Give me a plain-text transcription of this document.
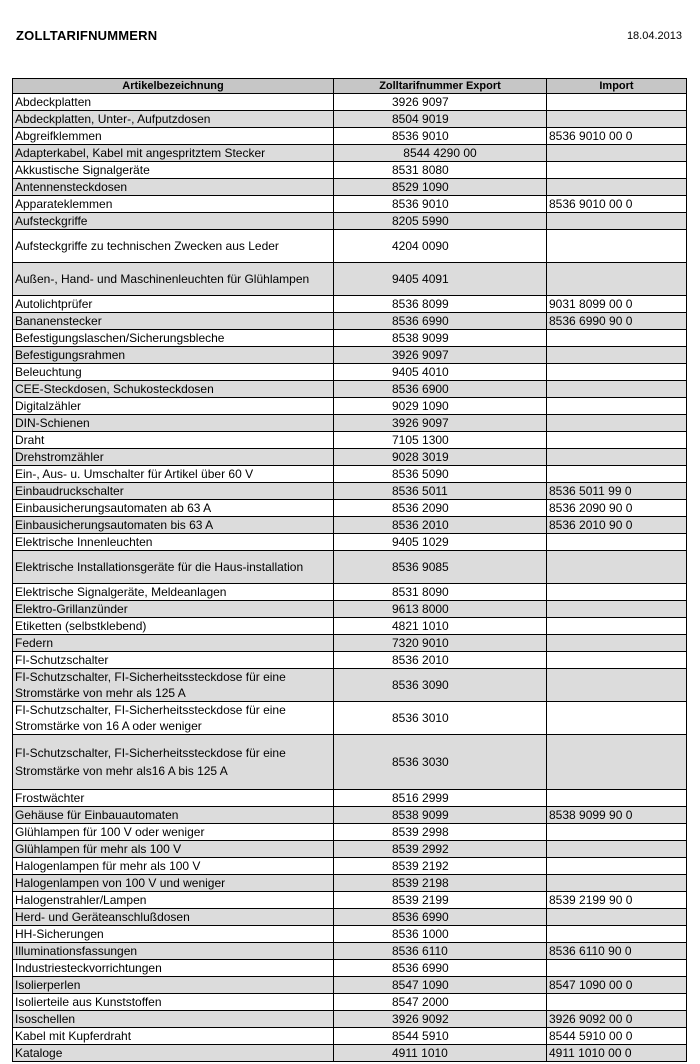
ZOLLTARIFNUMMERN	18.04.2013
Artikelbezeichnung	Zolltarifnummer Export	Import
Abdeckplatten	3926 9097	
Abdeckplatten, Unter-, Aufputzdosen	8504 9019	
Abgreifklemmen	8536 9010	8536 9010 00 0
Adapterkabel, Kabel mit angespritztem Stecker	8544 4290 00	
Akkustische Signalgeräte	8531 8080	
Antennensteckdosen	8529 1090	
Apparateklemmen	8536 9010	8536 9010 00 0
Aufsteckgriffe	8205 5990	
Aufsteckgriffe zu technischen Zwecken aus Leder	4204 0090	
Außen-, Hand- und Maschinenleuchten für Glühlampen	9405 4091	
Autolichtprüfer	8536 8099	9031 8099 00 0
Bananenstecker	8536 6990	8536 6990 90 0
Befestigungslaschen/Sicherungsbleche	8538 9099	
Befestigungsrahmen	3926 9097	
Beleuchtung	9405 4010	
CEE-Steckdosen, Schukosteckdosen	8536 6900	
Digitalzähler	9029 1090	
DIN-Schienen	3926 9097	
Draht	7105 1300	
Drehstromzähler	9028 3019	
Ein-, Aus- u. Umschalter für Artikel über 60 V	8536 5090	
Einbaudruckschalter	8536 5011	8536 5011 99 0
Einbausicherungsautomaten ab 63 A	8536 2090	8536 2090 90 0
Einbausicherungsautomaten bis 63 A	8536 2010	8536 2010 90 0
Elektrische Innenleuchten	9405 1029	
Elektrische Installationsgeräte für die Haus-installation	8536 9085	
Elektrische Signalgeräte, Meldeanlagen	8531 8090	
Elektro-Grillanzünder	9613 8000	
Etiketten (selbstklebend)	4821 1010	
Federn	7320 9010	
FI-Schutzschalter	8536 2010	
FI-Schutzschalter, FI-Sicherheitssteckdose für eine Stromstärke von mehr als 125 A	8536 3090	
FI-Schutzschalter, FI-Sicherheitssteckdose für eine Stromstärke von 16 A oder weniger	8536 3010	
FI-Schutzschalter, FI-Sicherheitssteckdose für eine Stromstärke von mehr als16 A bis 125 A	8536 3030	
Frostwächter	8516 2999	
Gehäuse für Einbauautomaten	8538 9099	8538 9099 90 0
Glühlampen für 100 V oder weniger	8539 2998	
Glühlampen für mehr als 100 V	8539 2992	
Halogenlampen für mehr als 100 V	8539 2192	
Halogenlampen von 100 V und weniger	8539 2198	
Halogenstrahler/Lampen	8539 2199	8539 2199 90 0
Herd- und Geräteanschlußdosen	8536 6990	
HH-Sicherungen	8536 1000	
Illuminationsfassungen	8536 6110	8536 6110 90 0
Industriesteckvorrichtungen	8536 6990	
Isolierperlen	8547 1090	8547 1090 00 0
Isolierteile aus Kunststoffen	8547 2000	
Isoschellen	3926 9092	3926 9092 00 0
Kabel mit Kupferdraht	8544 5910	8544 5910 00 0
Kataloge	4911 1010	4911 1010 00 0
